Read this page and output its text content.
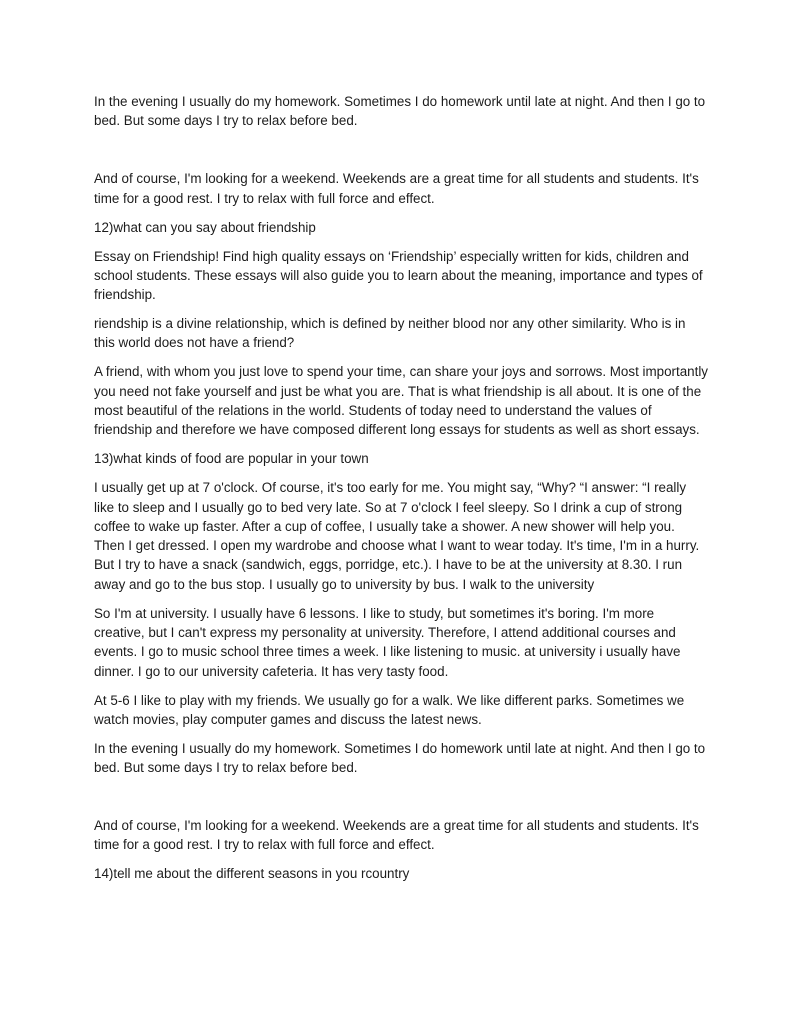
In the evening I usually do my homework. Sometimes I do homework until late at night. And then I go to bed. But some days I try to relax before bed.

And of course, I'm looking for a weekend. Weekends are a great time for all students and students. It's time for a good rest. I try to relax with full force and effect.

12)what can you say about friendship

Essay on Friendship! Find high quality essays on ‘Friendship’ especially written for kids, children and school students. These essays will also guide you to learn about the meaning, importance and types of friendship.

riendship is a divine relationship, which is defined by neither blood nor any other similarity. Who is in this world does not have a friend?

A friend, with whom you just love to spend your time, can share your joys and sorrows. Most importantly you need not fake yourself and just be what you are. That is what friendship is all about. It is one of the most beautiful of the relations in the world. Students of today need to understand the values of friendship and therefore we have composed different long essays for students as well as short essays.

13)what kinds of food are popular in your town

I usually get up at 7 o'clock. Of course, it's too early for me. You might say, “Why? “I answer: “I really like to sleep and I usually go to bed very late. So at 7 o'clock I feel sleepy. So I drink a cup of strong coffee to wake up faster. After a cup of coffee, I usually take a shower. A new shower will help you. Then I get dressed. I open my wardrobe and choose what I want to wear today. It's time, I'm in a hurry. But I try to have a snack (sandwich, eggs, porridge, etc.). I have to be at the university at 8.30. I run away and go to the bus stop. I usually go to university by bus. I walk to the university

So I'm at university. I usually have 6 lessons. I like to study, but sometimes it's boring. I'm more creative, but I can't express my personality at university. Therefore, I attend additional courses and events. I go to music school three times a week. I like listening to music. at university i usually have dinner. I go to our university cafeteria. It has very tasty food.

At 5-6 I like to play with my friends. We usually go for a walk. We like different parks. Sometimes we watch movies, play computer games and discuss the latest news.

In the evening I usually do my homework. Sometimes I do homework until late at night. And then I go to bed. But some days I try to relax before bed.

And of course, I'm looking for a weekend. Weekends are a great time for all students and students. It's time for a good rest. I try to relax with full force and effect.

14)tell me about the different seasons in you rcountry
